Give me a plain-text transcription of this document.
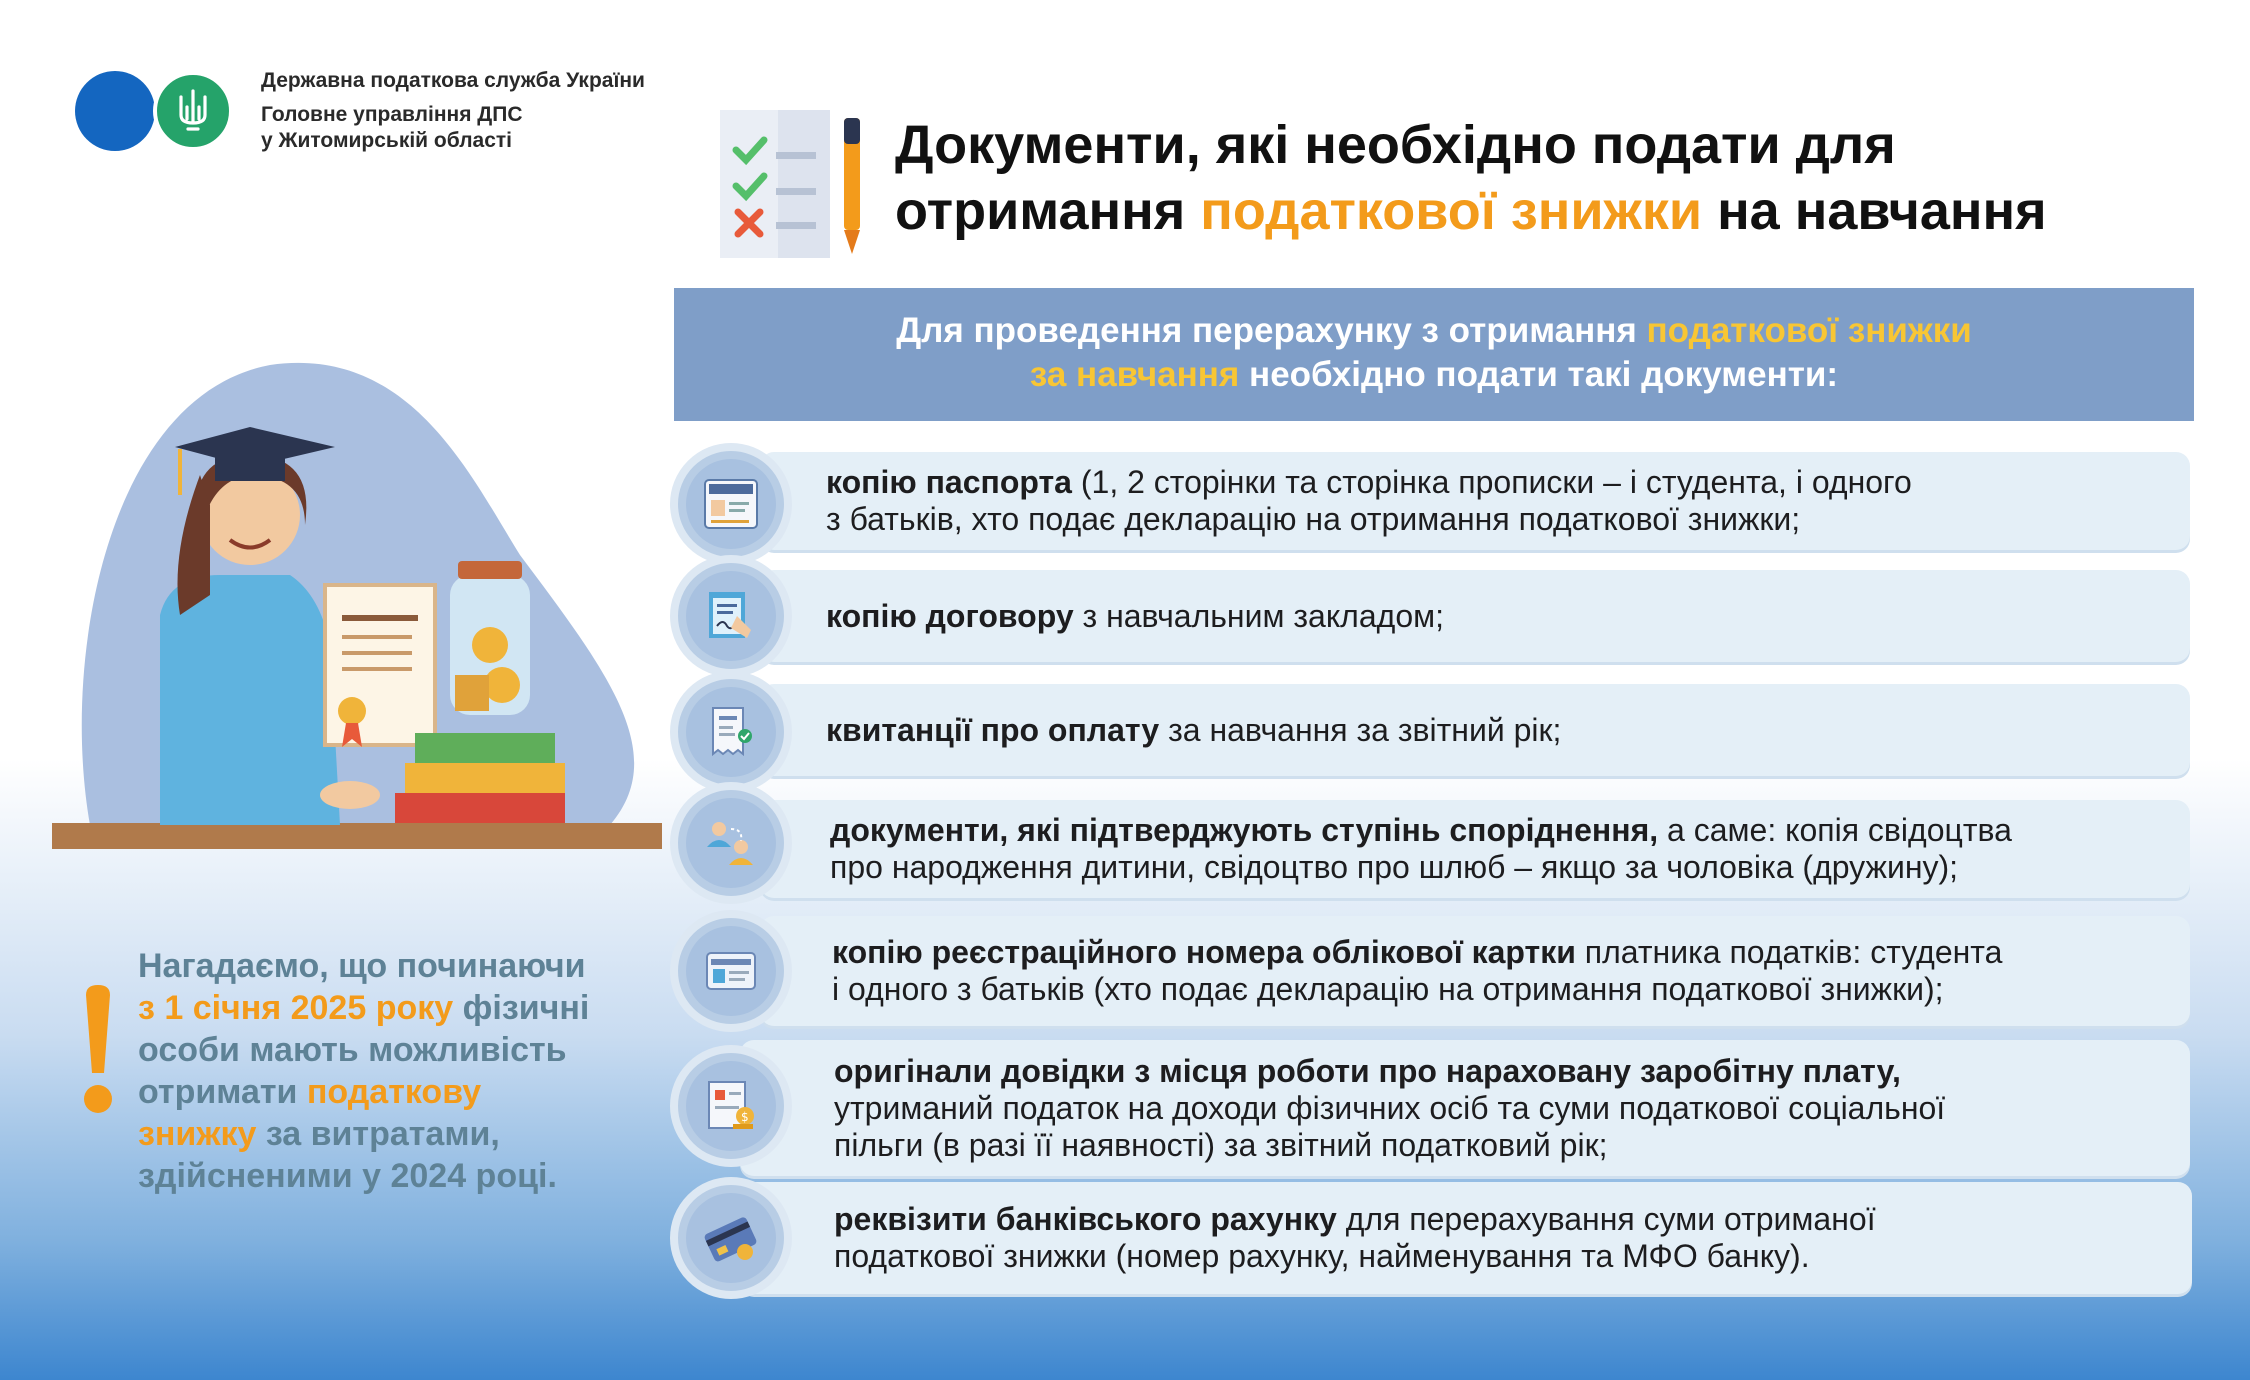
Державна податкова служба України
Головне управління ДПС
у Житомирській області	Документи, які необхідно подати для
отримання податкової знижки на навчання
Для проведення перерахунку з отримання податкової знижки
за навчання необхідно подати такі документи:
копію паспорта (1, 2 сторінки та сторінка прописки – і студента, і одного
з батьків, хто подає декларацію на отримання податкової знижки;
копію договору з навчальним закладом;
квитанції про оплату за навчання за звітний рік;
документи, які підтверджують ступінь споріднення, а саме: копія свідоцтва
про народження дитини, свідоцтво про шлюб – якщо за чоловіка (дружину);
копію реєстраційного номера облікової картки платника податків: студента
і одного з батьків (хто подає декларацію на отримання податкової знижки);
оригінали довідки з місця роботи про нараховану заробітну плату,
утриманий податок на доходи фізичних осіб та суми податкової соціальної
пільги (в разі її наявності) за звітний податковий рік;
$
реквізити банківського рахунку для перерахування суми отриманої
податкової знижки (номер рахунку, найменування та МФО банку).
Нагадаємо, що починаючи
з 1 січня 2025 року фізичні
особи мають можливість
отримати податкову
знижку за витратами,
здійсненими у 2024 році.
